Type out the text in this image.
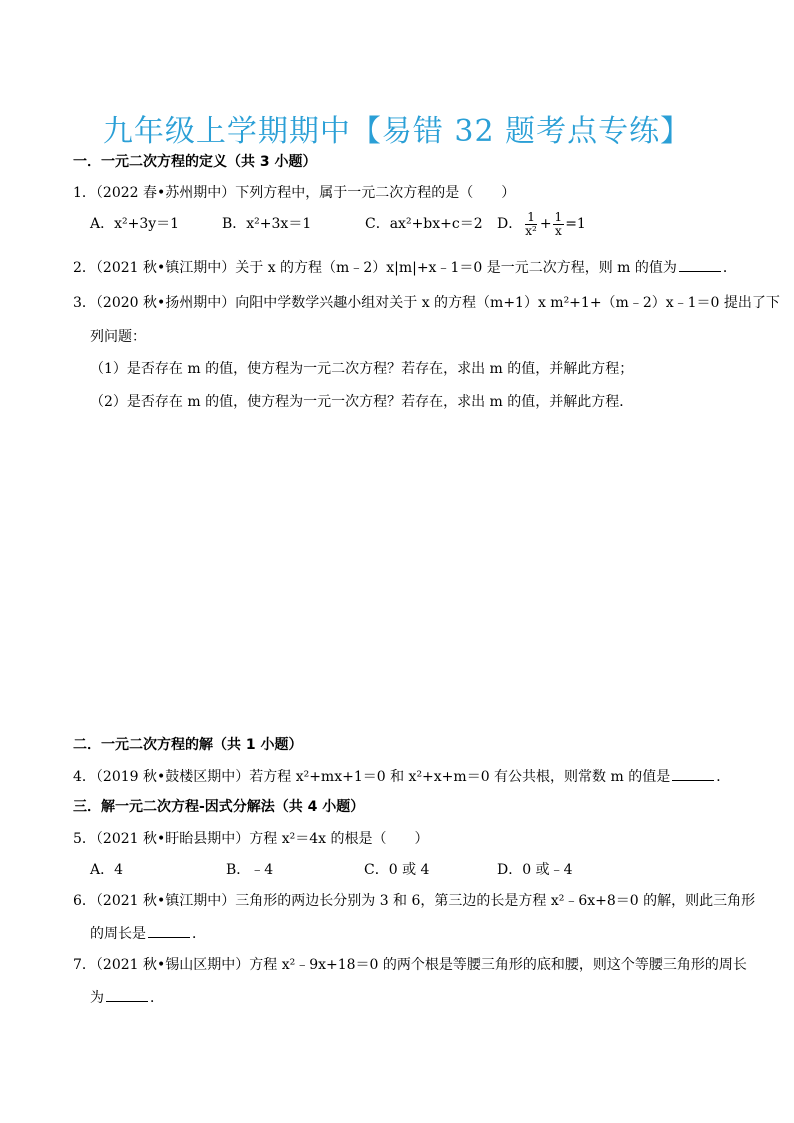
九年级上学期期中【易错 32 题考点专练】
一．一元二次方程的定义（共 3 小题）
1．（2022 春•苏州期中）下列方程中，属于一元二次方程的是（　　）
A．x²+3y＝1	B．x²+3x＝1	C．ax²+bx+c＝2 D． $\frac{1}{\text{x²}} + \frac{1}{x} =1$
2．（2021 秋•镇江期中）关于 x 的方程（m﹣2）x|m|+x﹣1＝0 是一元二次方程，则 m 的值为	．
3．（2020 秋•扬州期中）向阳中学数学兴趣小组对关于 x 的方程（m+1）x m²+1+（m﹣2）x﹣1＝0 提出了下
列问题：
（1）是否存在 m 的值，使方程为一元二次方程？若存在，求出 m 的值，并解此方程；
（2）是否存在 m 的值，使方程为一元一次方程？若存在，求出 m 的值，并解此方程．
二．一元二次方程的解（共 1 小题）
4．（2019 秋•鼓楼区期中）若方程 x²+mx+1＝0 和 x²+x+m＝0 有公共根，则常数 m 的值是	．
三．解一元二次方程-因式分解法（共 4 小题）
5．（2021 秋•盱眙县期中）方程 x²＝4x 的根是（　　）
A．4	B．﹣4	C．0 或 4	D．0 或﹣4
6．（2021 秋•镇江期中）三角形的两边长分别为 3 和 6，第三边的长是方程 x²﹣6x+8＝0 的解，则此三角形
的周长是	．
7．（2021 秋•锡山区期中）方程 x²﹣9x+18＝0 的两个根是等腰三角形的底和腰，则这个等腰三角形的周长
为	．
